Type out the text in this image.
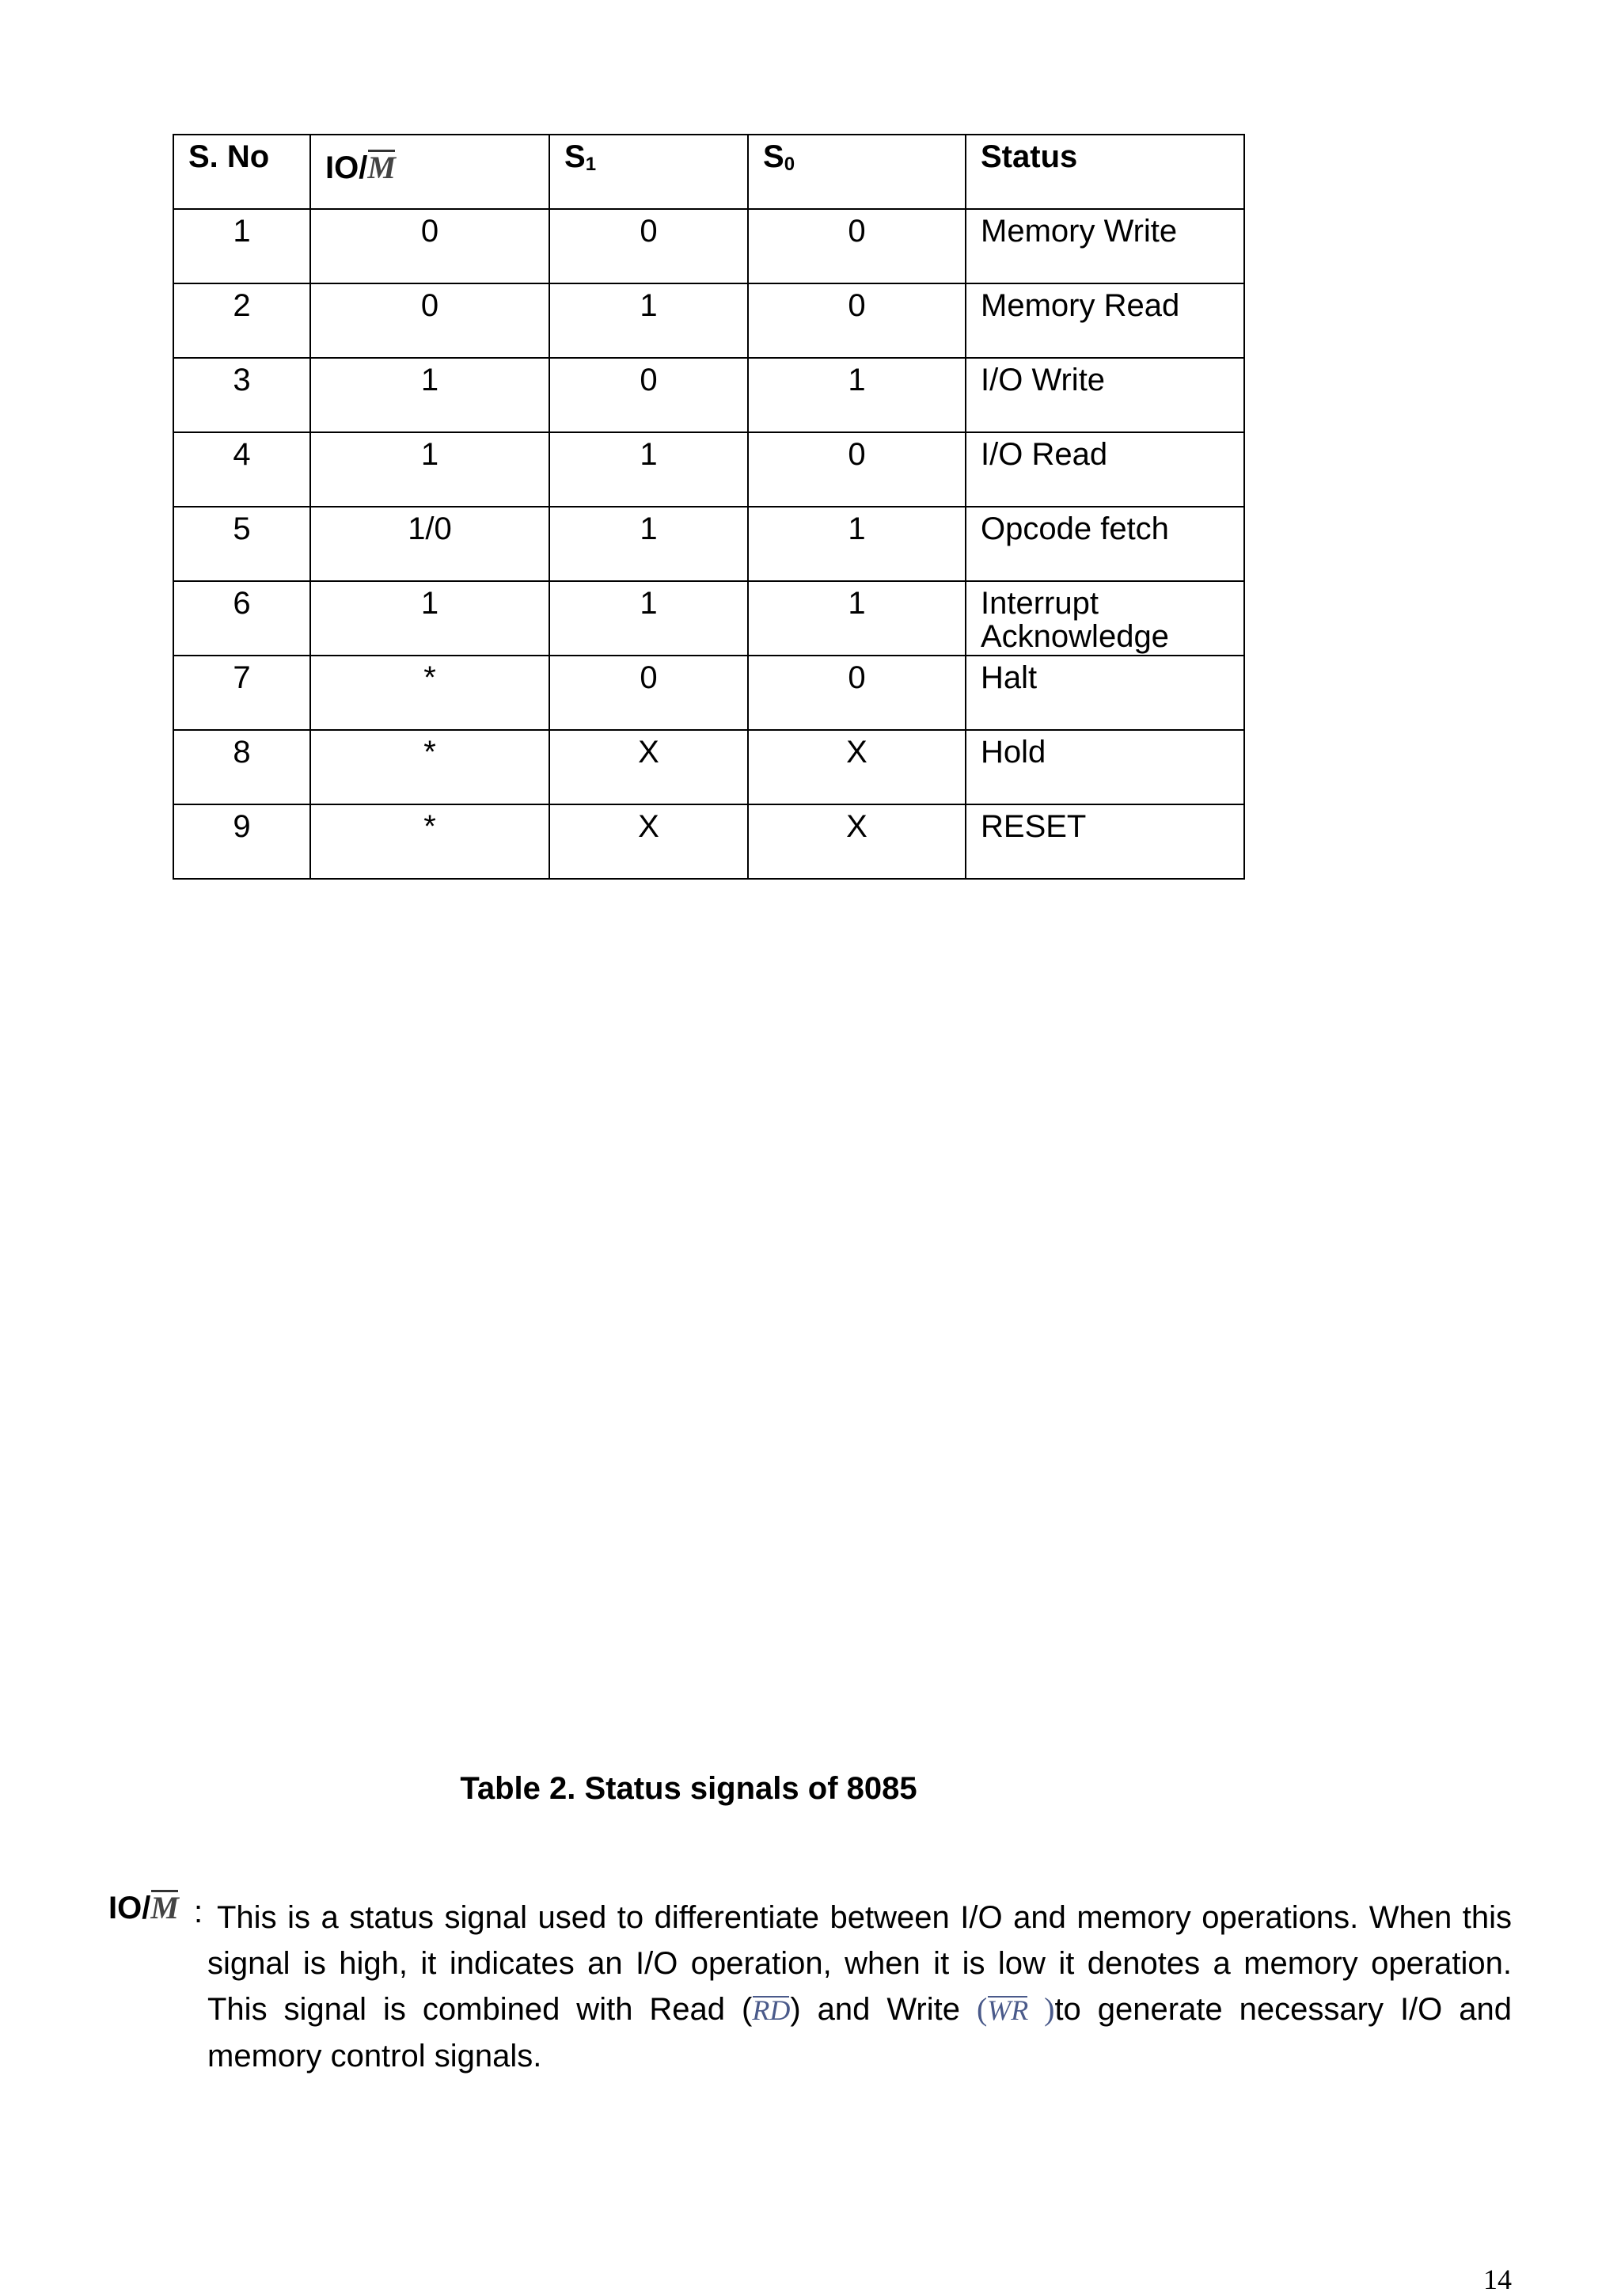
S. No	IO/M	$S_1$	$S_0$	Status
1	0	0	0	Memory Write
2	0	1	0	Memory Read
3	1	0	1	I/O Write
4	1	1	0	I/O Read
5	1/0	1	1	Opcode fetch
6	1	1	1	Interrupt
Acknowledge
7	*	0	0	Halt
8	*	X	X	Hold
9	*	X	X	RESET
Table 2. Status signals of 8085
IO/M : This is a status signal used to differentiate between I/O and memory operations. When this signal is high, it indicates an I/O operation, when it is low it denotes a memory operation. This signal is combined with Read (RD) and Write (WR )to generate necessary I/O and memory control signals.
14
